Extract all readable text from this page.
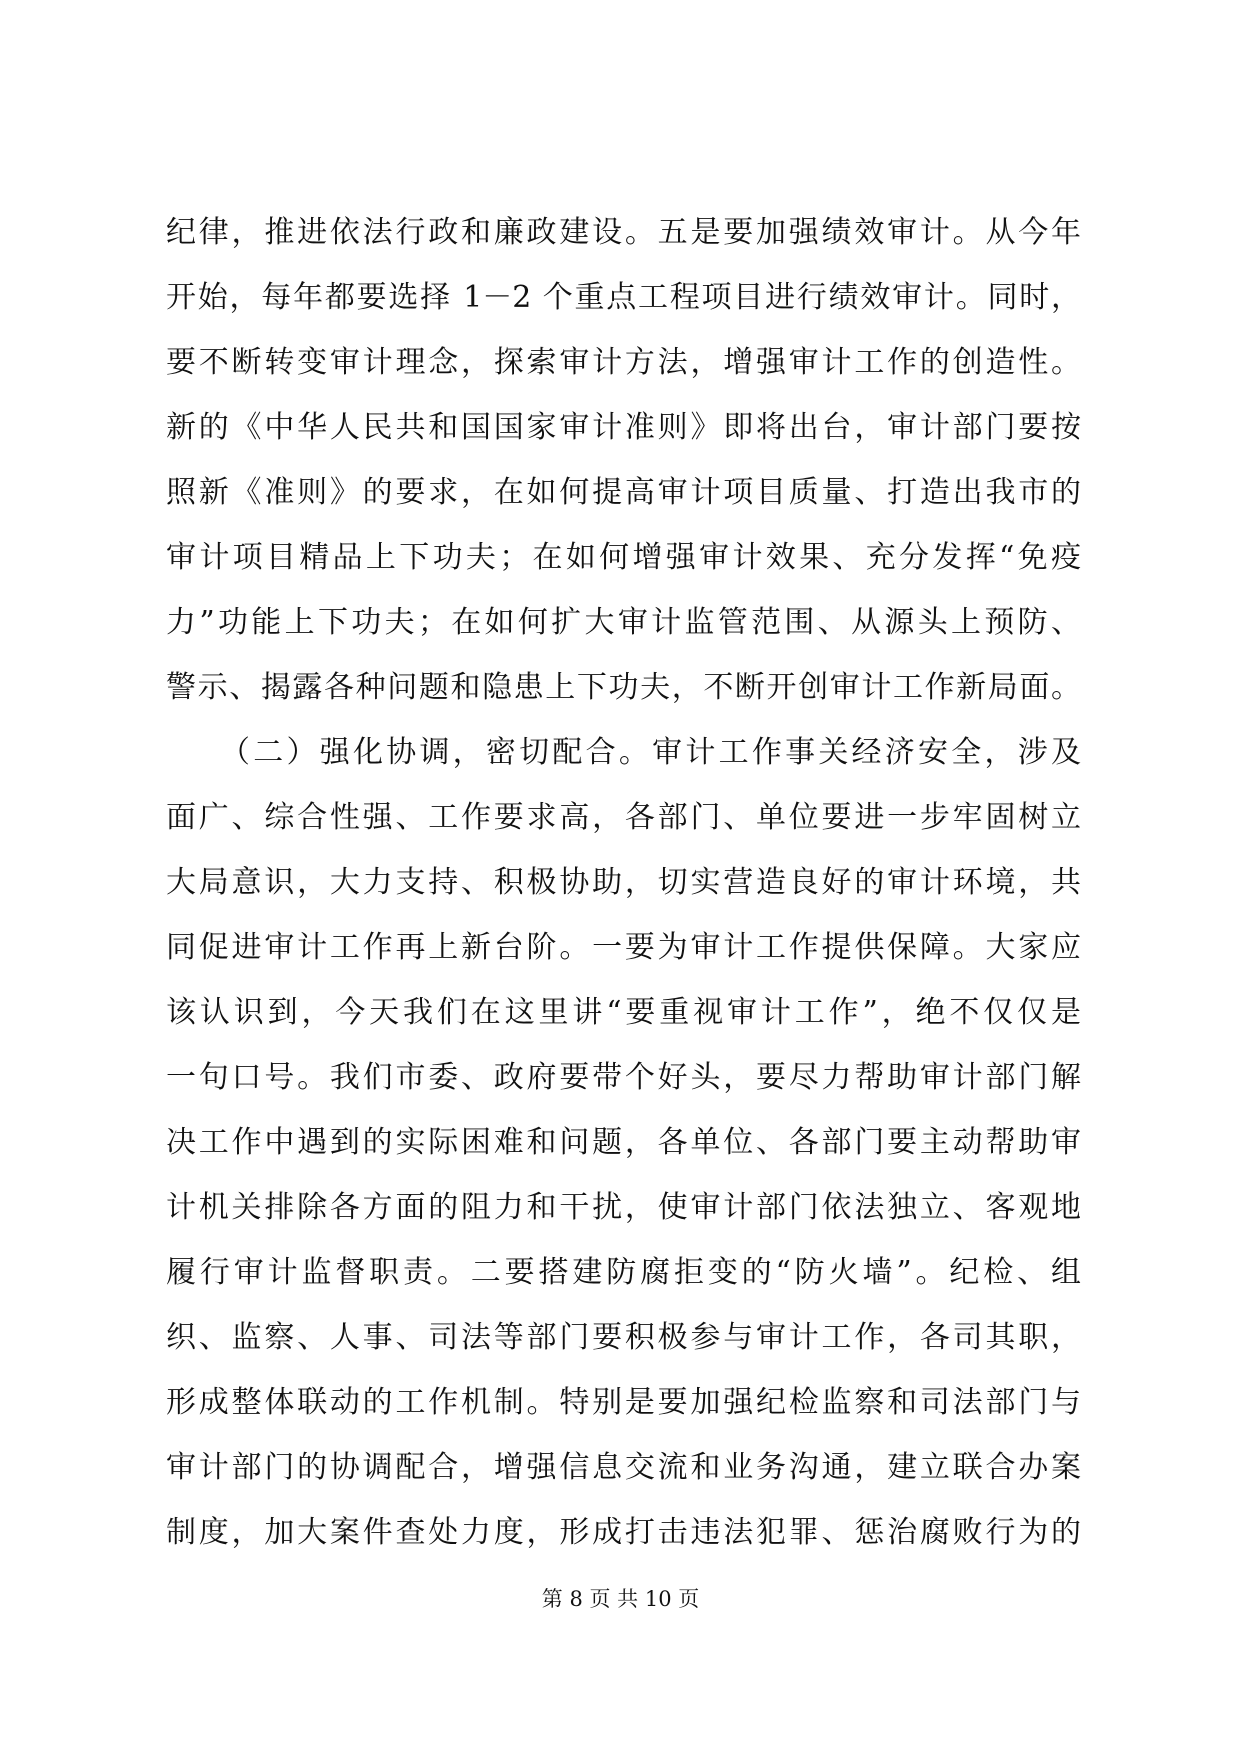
纪律，推进依法行政和廉政建设。五是要加强绩效审计。从今年
开始，每年都要选择 1－2 个重点工程项目进行绩效审计。同时，
要不断转变审计理念，探索审计方法，增强审计工作的创造性。
新的《中华人民共和国国家审计准则》即将出台，审计部门要按
照新《准则》的要求，在如何提高审计项目质量、打造出我市的
审计项目精品上下功夫；在如何增强审计效果、充分发挥“免疫
力”功能上下功夫；在如何扩大审计监管范围、从源头上预防、
警示、揭露各种问题和隐患上下功夫，不断开创审计工作新局面。
（二）强化协调，密切配合。审计工作事关经济安全，涉及
面广、综合性强、工作要求高，各部门、单位要进一步牢固树立
大局意识，大力支持、积极协助，切实营造良好的审计环境，共
同促进审计工作再上新台阶。一要为审计工作提供保障。大家应
该认识到，今天我们在这里讲“要重视审计工作”，绝不仅仅是
一句口号。我们市委、政府要带个好头，要尽力帮助审计部门解
决工作中遇到的实际困难和问题，各单位、各部门要主动帮助审
计机关排除各方面的阻力和干扰，使审计部门依法独立、客观地
履行审计监督职责。二要搭建防腐拒变的“防火墙”。纪检、组
织、监察、人事、司法等部门要积极参与审计工作，各司其职，
形成整体联动的工作机制。特别是要加强纪检监察和司法部门与
审计部门的协调配合，增强信息交流和业务沟通，建立联合办案
制度，加大案件查处力度，形成打击违法犯罪、惩治腐败行为的
第 8 页 共 10 页
